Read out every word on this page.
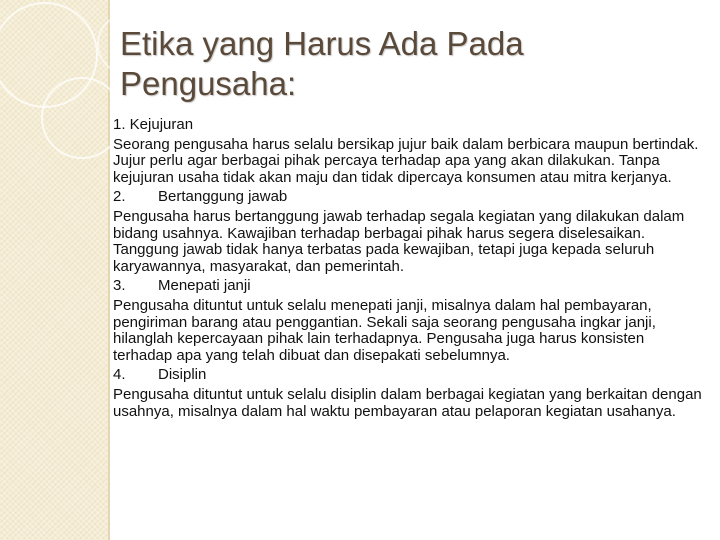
Etika yang Harus Ada Pada
Pengusaha:

1. Kejujuran

Seorang pengusaha harus selalu bersikap jujur baik dalam berbicara maupun bertindak. Jujur perlu agar berbagai pihak percaya terhadap apa yang akan dilakukan. Tanpa kejujuran usaha tidak akan maju dan tidak dipercaya konsumen atau mitra kerjanya.

2. Bertanggung jawab

Pengusaha harus bertanggung jawab terhadap segala kegiatan yang dilakukan dalam bidang usahnya. Kawajiban terhadap berbagai pihak harus segera diselesaikan. Tanggung jawab tidak hanya terbatas pada kewajiban, tetapi juga kepada seluruh karyawannya, masyarakat, dan pemerintah.

3. Menepati janji

Pengusaha dituntut untuk selalu menepati janji, misalnya dalam hal pembayaran, pengiriman barang atau penggantian. Sekali saja seorang pengusaha ingkar janji, hilanglah kepercayaan pihak lain terhadapnya. Pengusaha juga harus konsisten terhadap apa yang telah dibuat dan disepakati sebelumnya.

4. Disiplin

Pengusaha dituntut untuk selalu disiplin dalam berbagai kegiatan yang berkaitan dengan usahnya, misalnya dalam hal waktu pembayaran atau pelaporan kegiatan usahanya.
